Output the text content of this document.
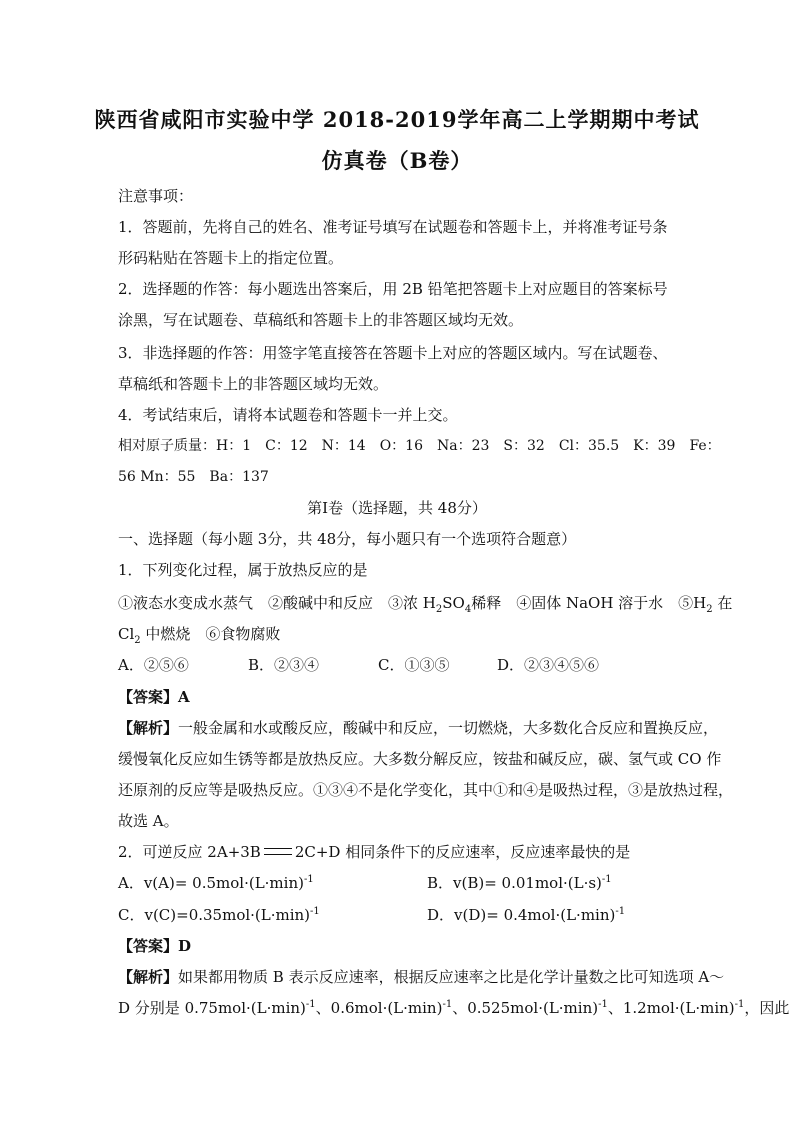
陕西省咸阳市实验中学 2018-2019学年高二上学期期中考试
仿真卷（B卷）
注意事项：
1．答题前，先将自己的姓名、准考证号填写在试题卷和答题卡上，并将准考证号条
形码粘贴在答题卡上的指定位置。
2．选择题的作答：每小题选出答案后，用 2B 铅笔把答题卡上对应题目的答案标号
涂黑，写在试题卷、草稿纸和答题卡上的非答题区域均无效。
3．非选择题的作答：用签字笔直接答在答题卡上对应的答题区域内。写在试题卷、
草稿纸和答题卡上的非答题区域均无效。
4．考试结束后，请将本试题卷和答题卡一并上交。
相对原子质量：H：1　C：12　N：14　O：16　Na：23　S：32　Cl：35.5　K：39　Fe：
56 Mn：55　Ba：137
第Ⅰ卷（选择题，共 48分）
一、选择题（每小题 3分，共 48分，每小题只有一个选项符合题意）
1．下列变化过程，属于放热反应的是
①液态水变成水蒸气　②酸碱中和反应　③浓 $H_2SO_4$稀释　④固体 NaOH 溶于水　$⑤H_2$ 在
$Cl_2$ 中燃烧　⑥食物腐败
A．②⑤⑥	B．②③④	C．①③⑤	D．②③④⑤⑥
【答案】A
【解析】一般金属和水或酸反应，酸碱中和反应，一切燃烧，大多数化合反应和置换反应，
缓慢氧化反应如生锈等都是放热反应。大多数分解反应，铵盐和碱反应，碳、氢气或 CO 作
还原剂的反应等是吸热反应。①③④不是化学变化，其中①和④是吸热过程，③是放热过程，
故选 A。
2．可逆反应 2A+3B 2C+D 相同条件下的反应速率，反应速率最快的是
A．$v(A)= 0.5mol\cdot(L\cdot\min)^{-1}$	B．$v(B)= 0.01mol\cdot(L\cdot s)^{-1}$
C．$v(C)=0.35mol\cdot(L\cdot\min)^{-1}$	D．$v(D)= 0.4mol\cdot(L\cdot\min)^{-1}$
【答案】D
【解析】如果都用物质 B 表示反应速率，根据反应速率之比是化学计量数之比可知选项 A～
D 分别是 $0.75mol\cdot(L\cdot\min)^{-1}$、$0.6mol\cdot(L\cdot\min)^{-1}$、$0.525mol\cdot(L\cdot\min)^{-1}$、$1.2mol\cdot(L\cdot\min)^{-1}$，因此
